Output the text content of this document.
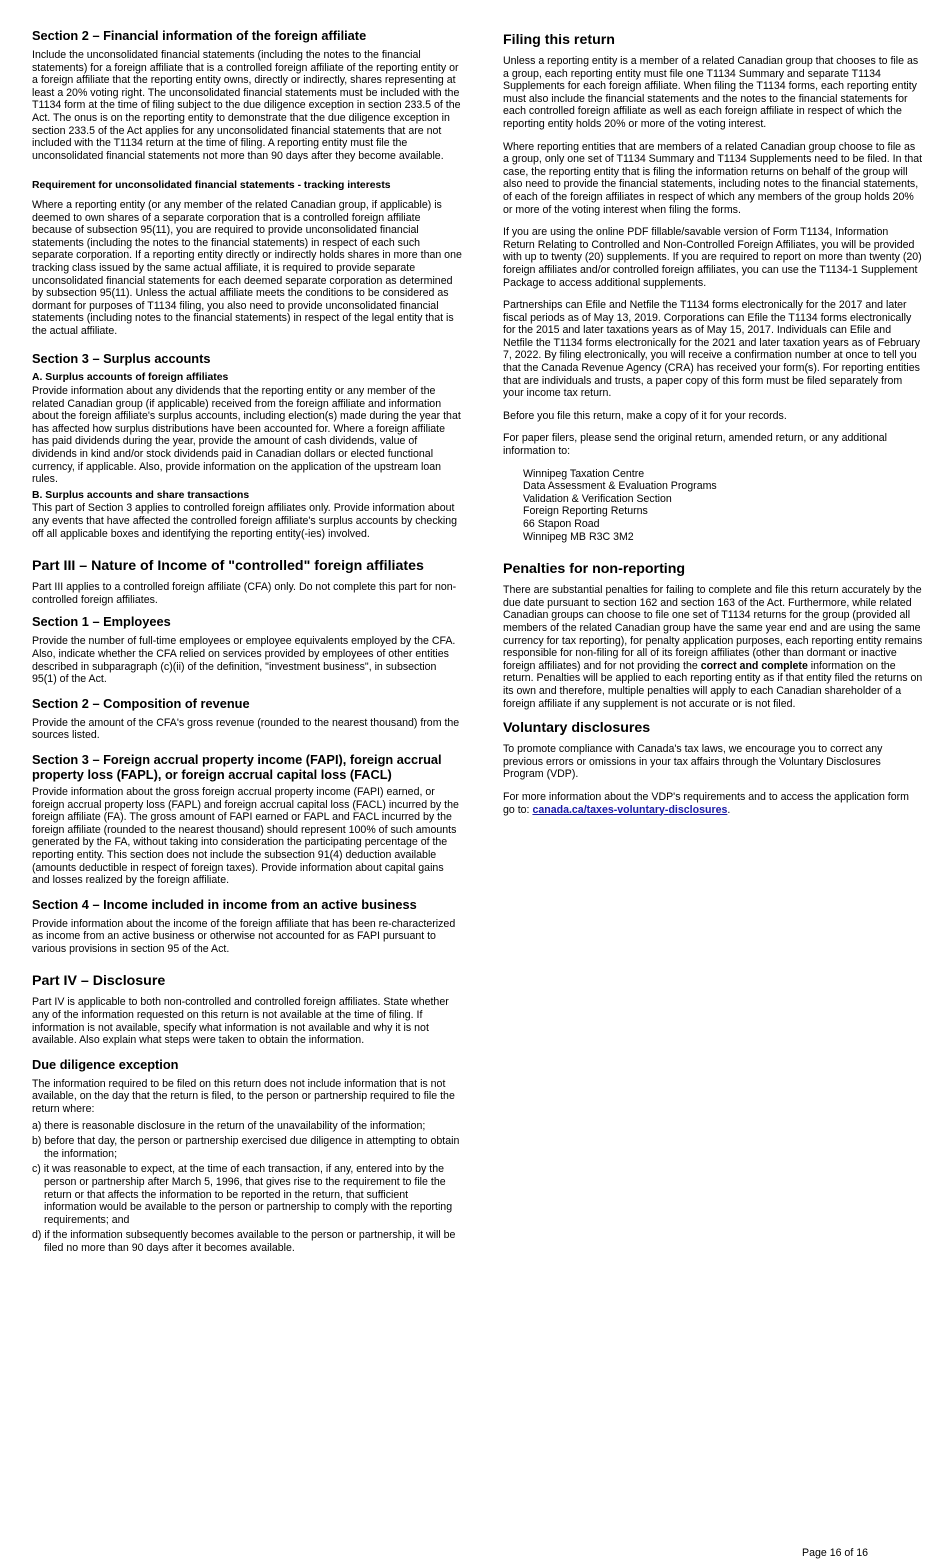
Section 2 – Financial information of the foreign affiliate

Include the unconsolidated financial statements (including the notes to the financial statements) for a foreign affiliate that is a controlled foreign affiliate of the reporting entity or a foreign affiliate that the reporting entity owns, directly or indirectly, shares representing at least a 20% voting right. The unconsolidated financial statements must be included with the T1134 form at the time of filing subject to the due diligence exception in section 233.5 of the Act. The onus is on the reporting entity to demonstrate that the due diligence exception in section 233.5 of the Act applies for any unconsolidated financial statements that are not included with the T1134 return at the time of filing. A reporting entity must file the unconsolidated financial statements not more than 90 days after they become available.

Requirement for unconsolidated financial statements - tracking interests

Where a reporting entity (or any member of the related Canadian group, if applicable) is deemed to own shares of a separate corporation that is a controlled foreign affiliate because of subsection 95(11), you are required to provide unconsolidated financial statements (including the notes to the financial statements) in respect of each such separate corporation. If a reporting entity directly or indirectly holds shares in more than one tracking class issued by the same actual affiliate, it is required to provide separate unconsolidated financial statements for each deemed separate corporation as determined by subsection 95(11). Unless the actual affiliate meets the conditions to be considered as dormant for purposes of T1134 filing, you also need to provide unconsolidated financial statements (including notes to the financial statements) in respect of the legal entity that is the actual affiliate.

Section 3 – Surplus accounts
A. Surplus accounts of foreign affiliates

Provide information about any dividends that the reporting entity or any member of the related Canadian group (if applicable) received from the foreign affiliate and information about the foreign affiliate's surplus accounts, including election(s) made during the year that has affected how surplus distributions have been accounted for. Where a foreign affiliate has paid dividends during the year, provide the amount of cash dividends, value of dividends in kind and/or stock dividends paid in Canadian dollars or elected functional currency, if applicable. Also, provide information on the application of the upstream loan rules.

B. Surplus accounts and share transactions

This part of Section 3 applies to controlled foreign affiliates only. Provide information about any events that have affected the controlled foreign affiliate's surplus accounts by checking off all applicable boxes and identifying the reporting entity(-ies) involved.

Part III – Nature of Income of "controlled" foreign affiliates

Part III applies to a controlled foreign affiliate (CFA) only. Do not complete this part for non-controlled foreign affiliates.

Section 1 – Employees

Provide the number of full-time employees or employee equivalents employed by the CFA. Also, indicate whether the CFA relied on services provided by employees of other entities described in subparagraph (c)(ii) of the definition, "investment business", in subsection 95(1) of the Act.

Section 2 – Composition of revenue

Provide the amount of the CFA's gross revenue (rounded to the nearest thousand) from the sources listed.

Section 3 – Foreign accrual property income (FAPI), foreign accrual property loss (FAPL), or foreign accrual capital loss (FACL)

Provide information about the gross foreign accrual property income (FAPI) earned, or foreign accrual property loss (FAPL) and foreign accrual capital loss (FACL) incurred by the foreign affiliate (FA). The gross amount of FAPI earned or FAPL and FACL incurred by the foreign affiliate (rounded to the nearest thousand) should represent 100% of such amounts generated by the FA, without taking into consideration the participating percentage of the reporting entity. This section does not include the subsection 91(4) deduction available (amounts deductible in respect of foreign taxes). Provide information about capital gains and losses realized by the foreign affiliate.

Section 4 – Income included in income from an active business

Provide information about the income of the foreign affiliate that has been re-characterized as income from an active business or otherwise not accounted for as FAPI pursuant to various provisions in section 95 of the Act.

Part IV – Disclosure

Part IV is applicable to both non-controlled and controlled foreign affiliates. State whether any of the information requested on this return is not available at the time of filing. If information is not available, specify what information is not available and why it is not available. Also explain what steps were taken to obtain the information.

Due diligence exception

The information required to be filed on this return does not include information that is not available, on the day that the return is filed, to the person or partnership required to file the return where:

a) there is reasonable disclosure in the return of the unavailability of the information;

b) before that day, the person or partnership exercised due diligence in attempting to obtain the information;

c) it was reasonable to expect, at the time of each transaction, if any, entered into by the person or partnership after March 5, 1996, that gives rise to the requirement to file the return or that affects the information to be reported in the return, that sufficient information would be available to the person or partnership to comply with the reporting requirements; and

d) if the information subsequently becomes available to the person or partnership, it will be filed no more than 90 days after it becomes available.

Filing this return

Unless a reporting entity is a member of a related Canadian group that chooses to file as a group, each reporting entity must file one T1134 Summary and separate T1134 Supplements for each foreign affiliate. When filing the T1134 forms, each reporting entity must also include the financial statements and the notes to the financial statements for each controlled foreign affiliate as well as each foreign affiliate in respect of which the reporting entity holds 20% or more of the voting interest.

Where reporting entities that are members of a related Canadian group choose to file as a group, only one set of T1134 Summary and T1134 Supplements need to be filed. In that case, the reporting entity that is filing the information returns on behalf of the group will also need to provide the financial statements, including notes to the financial statements, of each of the foreign affiliates in respect of which any members of the group holds 20% or more of the voting interest when filing the forms.

If you are using the online PDF fillable/savable version of Form T1134, Information Return Relating to Controlled and Non-Controlled Foreign Affiliates, you will be provided with up to twenty (20) supplements. If you are required to report on more than twenty (20) foreign affiliates and/or controlled foreign affiliates, you can use the T1134-1 Supplement Package to access additional supplements.

Partnerships can Efile and Netfile the T1134 forms electronically for the 2017 and later fiscal periods as of May 13, 2019. Corporations can Efile the T1134 forms electronically for the 2015 and later taxations years as of May 15, 2017. Individuals can Efile and Netfile the T1134 forms electronically for the 2021 and later taxation years as of February 7, 2022. By filing electronically, you will receive a confirmation number at once to tell you that the Canada Revenue Agency (CRA) has received your form(s). For reporting entities that are individuals and trusts, a paper copy of this form must be filed separately from your income tax return.

Before you file this return, make a copy of it for your records.

For paper filers, please send the original return, amended return, or any additional information to:

Winnipeg Taxation Centre

Data Assessment & Evaluation Programs

Validation & Verification Section

Foreign Reporting Returns

66 Stapon Road

Winnipeg MB R3C 3M2

Penalties for non-reporting

There are substantial penalties for failing to complete and file this return accurately by the due date pursuant to section 162 and section 163 of the Act. Furthermore, while related Canadian groups can choose to file one set of T1134 returns for the group (provided all members of the related Canadian group have the same year end and are using the same currency for tax reporting), for penalty application purposes, each reporting entity remains responsible for non-filing for all of its foreign affiliates (other than dormant or inactive foreign affiliates) and for not providing the correct and complete information on the return. Penalties will be applied to each reporting entity as if that entity filed the returns on its own and therefore, multiple penalties will apply to each Canadian shareholder of a foreign affiliate if any supplement is not accurate or is not filed.

Voluntary disclosures

To promote compliance with Canada's tax laws, we encourage you to correct any previous errors or omissions in your tax affairs through the Voluntary Disclosures Program (VDP).

For more information about the VDP's requirements and to access the application form go to: canada.ca/taxes-voluntary-disclosures.

Page 16 of 16
